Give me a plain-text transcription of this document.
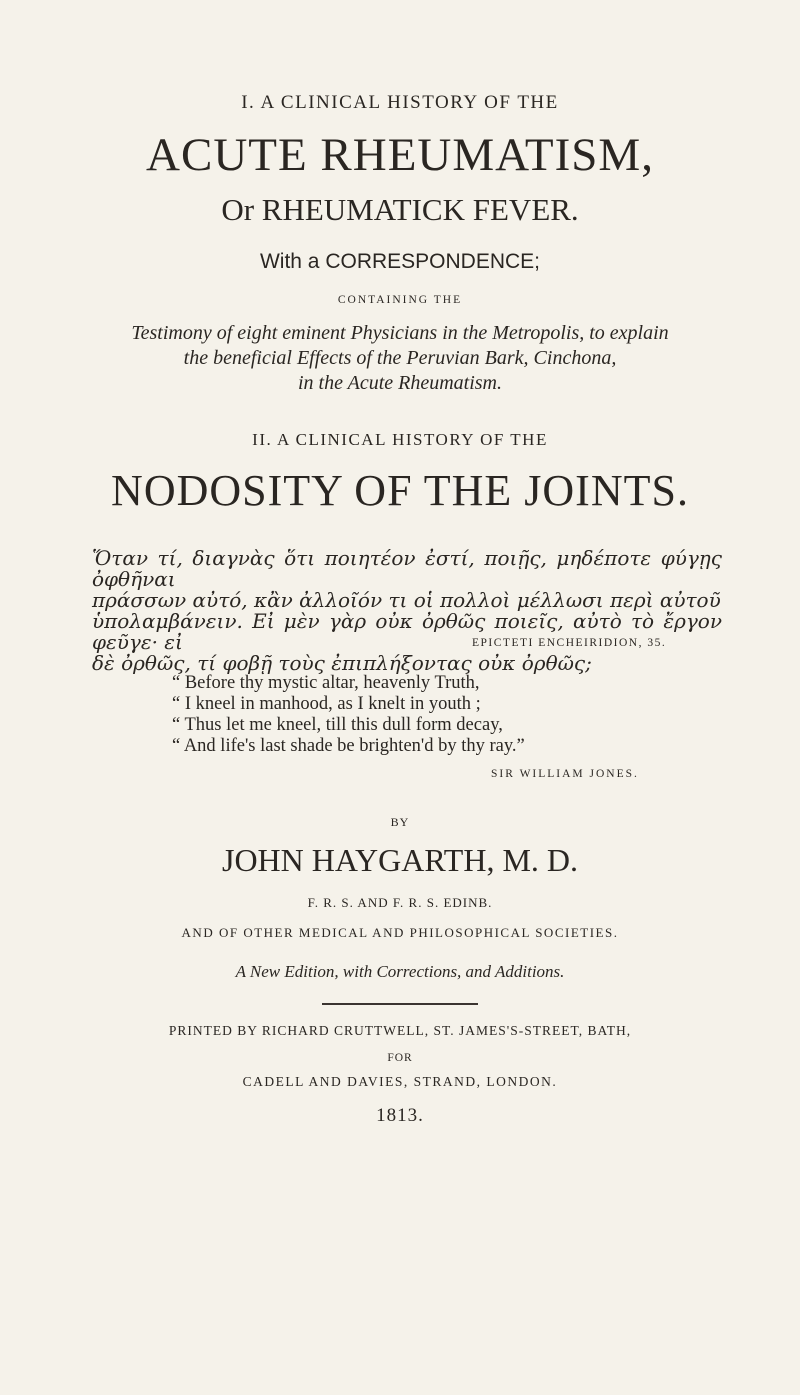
I. A CLINICAL HISTORY OF THE
ACUTE RHEUMATISM,
Or RHEUMATICK FEVER.
With a CORRESPONDENCE;
CONTAINING THE
Testimony of eight eminent Physicians in the Metropolis, to explain
the beneficial Effects of the Peruvian Bark, Cinchona,
in the Acute Rheumatism.
II. A CLINICAL HISTORY OF THE
NODOSITY OF THE JOINTS.
Ὅταν τί, διαγνὰς ὅτι ποιητέον ἐστί, ποιῇς, μηδέποτε φύγῃς ὀφθῆναι
πράσσων αὐτό, κἂν ἀλλοῖόν τι οἱ πολλοὶ μέλλωσι περὶ αὐτοῦ
ὑπολαμβάνειν. Εἰ μὲν γὰρ οὐκ ὀρθῶς ποιεῖς, αὐτὸ τὸ ἔργον φεῦγε· εἰ
δὲ ὀρθῶς, τί φοβῇ τοὺς ἐπιπλήξοντας οὐκ ὀρθῶς;
EPICTETI ENCHEIRIDION, 35.
“ Before thy mystic altar, heavenly Truth,
“ I kneel in manhood, as I knelt in youth ;
“ Thus let me kneel, till this dull form decay,
“ And life's last shade be brighten'd by thy ray.”
SIR WILLIAM JONES.
BY
JOHN HAYGARTH, M. D.
F. R. S. AND F. R. S. EDINB.
AND OF OTHER MEDICAL AND PHILOSOPHICAL SOCIETIES.
A New Edition, with Corrections, and Additions.
PRINTED BY RICHARD CRUTTWELL, ST. JAMES'S-STREET, BATH,
FOR
CADELL AND DAVIES, STRAND, LONDON.
1813.
